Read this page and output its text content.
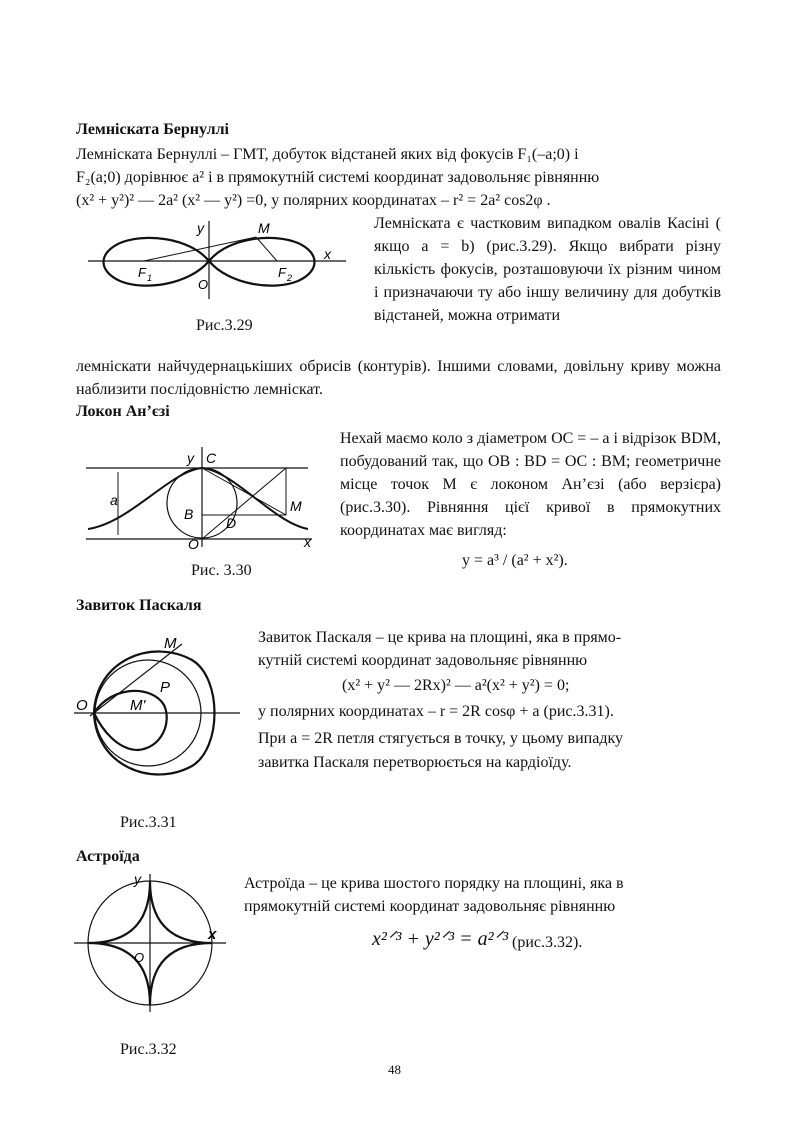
Лемніската Бернуллі
Лемніската Бернуллі – ГМТ, добуток відстаней яких від фокусів F₁(–a;0) і
F₂(a;0) дорівнює a² і в прямокутній системі координат задовольняє рівнянню
(x² + y²)² — 2a² (x² — y²) =0, у полярних координатах – r² = 2a² cos2φ .
y	M
x
F 1	F 2
O
Рис.3.29
Лемніската є частковим випадком овалів Касіні ( якщо a = b) (рис.3.29). Якщо вибрати різну кількість фокусів, розташовуючи їх різним чином і призначаючи ту або іншу величину для добутків відстаней, можна отримати
лемніскати найчудернацькіших обрисів (контурів). Іншими словами, довільну криву можна наблизити послідовністю лемніскат.
Локон Ан’єзі
y C
a
B
D
M
O	x
Рис. 3.30
Нехай маємо коло з діаметром OC = – a і відрізок BDM, побудований так, що OB : BD = OC : BM; геометричне місце точок M є локоном Ан’єзі (або верзієра) (рис.3.30). Рівняння цієї кривої в прямокутних координатах має вигляд:
y = a³ / (a² + x²).
Завиток Паскаля
M
P
M'
O
Рис.3.31
Завиток Паскаля – це крива на площині, яка в прямо-
кутній системі координат задовольняє рівнянню
(x² + y² — 2Rx)² — a²(x² + y²) = 0;
у полярних координатах – r = 2R cosφ + a (рис.3.31).
При a = 2R петля стягується в точку, у цьому випадку
завитка Паскаля перетворюється на кардіоїду.
Астроїда
y
x
O
Рис.3.32
Астроїда – це крива шостого порядку на площині, яка в
прямокутній системі координат задовольняє рівнянню
x²ᐟ³ + y²ᐟ³ = a²ᐟ³ (рис.3.32).
48
